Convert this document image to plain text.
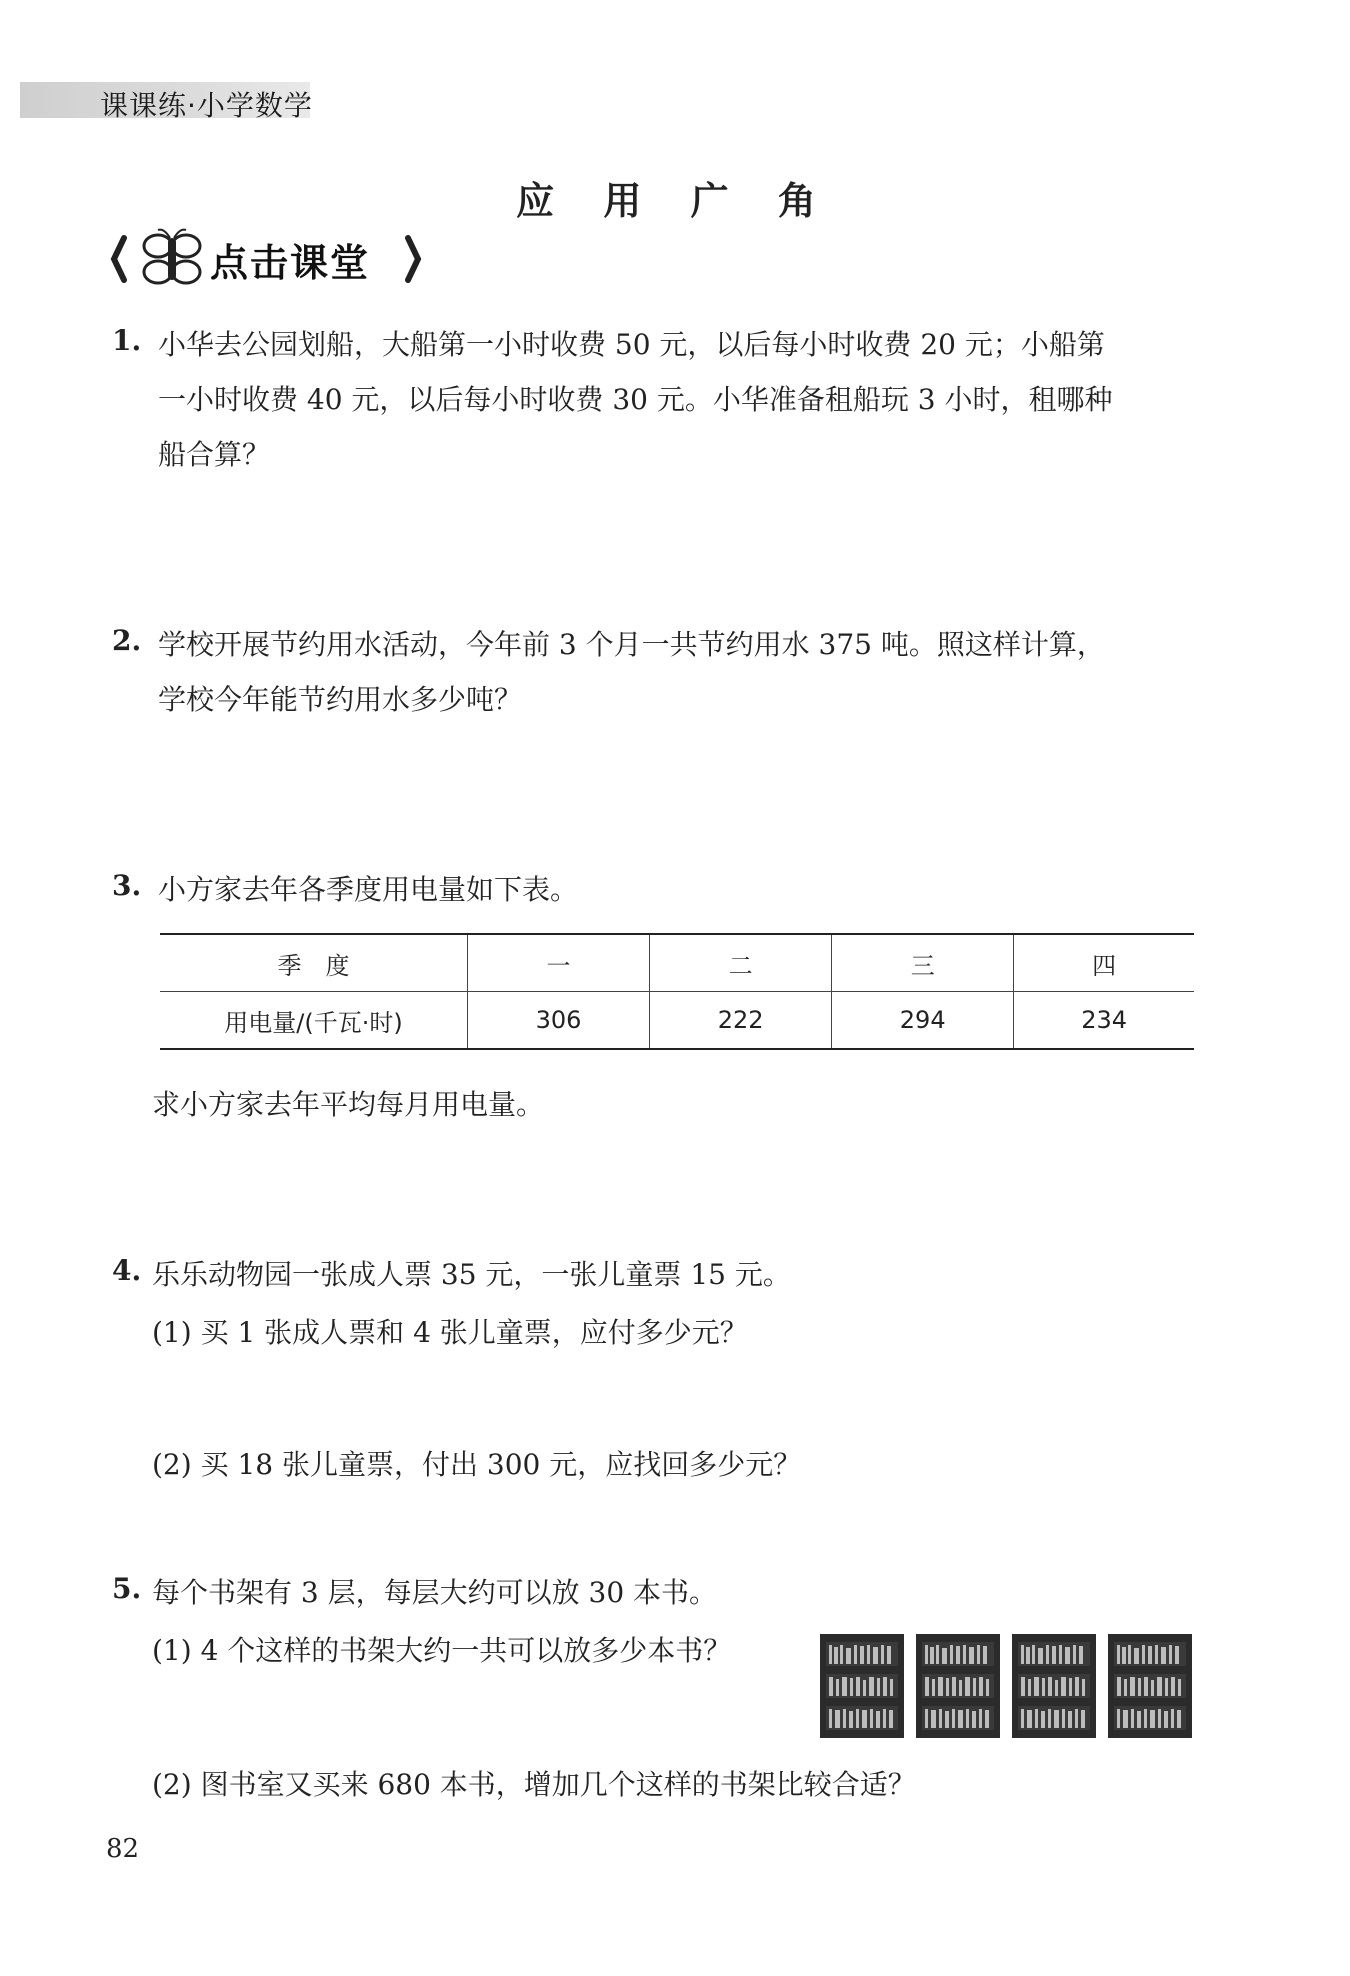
课课练·小学数学
应 用 广 角
点击课堂
1. 小华去公园划船，大船第一小时收费 50 元，以后每小时收费 20 元；小船第
一小时收费 40 元，以后每小时收费 30 元。小华准备租船玩 3 小时，租哪种
船合算？
2. 学校开展节约用水活动，今年前 3 个月一共节约用水 375 吨。照这样计算，
学校今年能节约用水多少吨？
3. 小方家去年各季度用电量如下表。
季　度	一	二	三	四
用电量/(千瓦·时)	306	222	294	234
求小方家去年平均每月用电量。
4. 乐乐动物园一张成人票 35 元，一张儿童票 15 元。
(1) 买 1 张成人票和 4 张儿童票，应付多少元？
(2) 买 18 张儿童票，付出 300 元，应找回多少元？
5. 每个书架有 3 层，每层大约可以放 30 本书。
(1) 4 个这样的书架大约一共可以放多少本书？
(2) 图书室又买来 680 本书，增加几个这样的书架比较合适？
82
